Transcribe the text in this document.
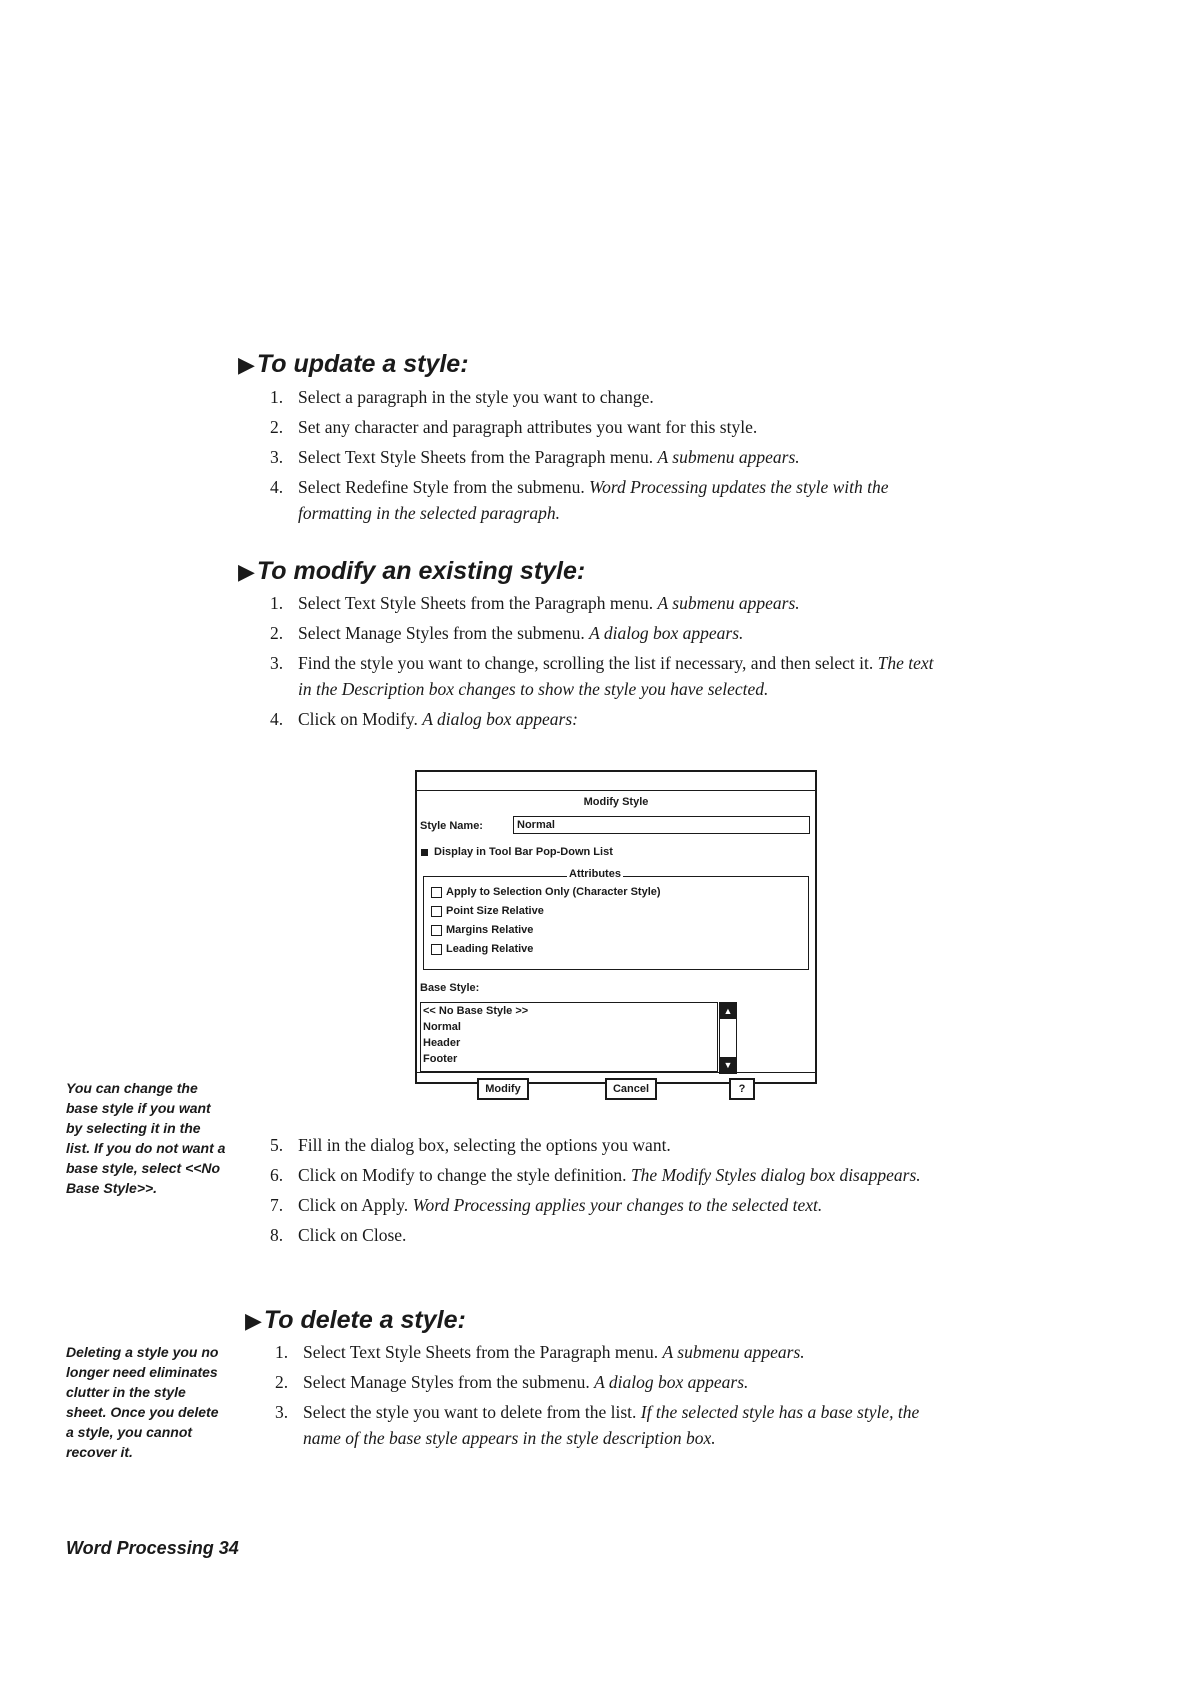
▶ To update a style:
1. Select a paragraph in the style you want to change.
2. Set any character and paragraph attributes you want for this style.
3. Select Text Style Sheets from the Paragraph menu. A submenu appears.
4. Select Redefine Style from the submenu. Word Processing updates the style with the formatting in the selected paragraph.
▶ To modify an existing style:
1. Select Text Style Sheets from the Paragraph menu. A submenu appears.
2. Select Manage Styles from the submenu. A dialog box appears.
3. Find the style you want to change, scrolling the list if necessary, and then select it. The text in the Description box changes to show the style you have selected.
4. Click on Modify. A dialog box appears:
Modify Style
Style Name:	Normal
Display in Tool Bar Pop-Down List
Attributes
Apply to Selection Only (Character Style)
Point Size Relative
Margins Relative
Leading Relative
Base Style:
<< No Base Style >>
Normal
Header
Footer
▲
▼
Modify	Cancel	?
5. Fill in the dialog box, selecting the options you want.
6. Click on Modify to change the style definition. The Modify Styles dialog box disappears.
7. Click on Apply. Word Processing applies your changes to the selected text.
8. Click on Close.
▶ To delete a style:
1. Select Text Style Sheets from the Paragraph menu. A submenu appears.
2. Select Manage Styles from the submenu. A dialog box appears.
3. Select the style you want to delete from the list. If the selected style has a base style, the name of the base style appears in the style description box.
You can change the base style if you want by selecting it in the list. If you do not want a base style, select <<No Base Style>>.
Deleting a style you no longer need eliminates clutter in the style sheet. Once you delete a style, you cannot recover it.
Word Processing 34
